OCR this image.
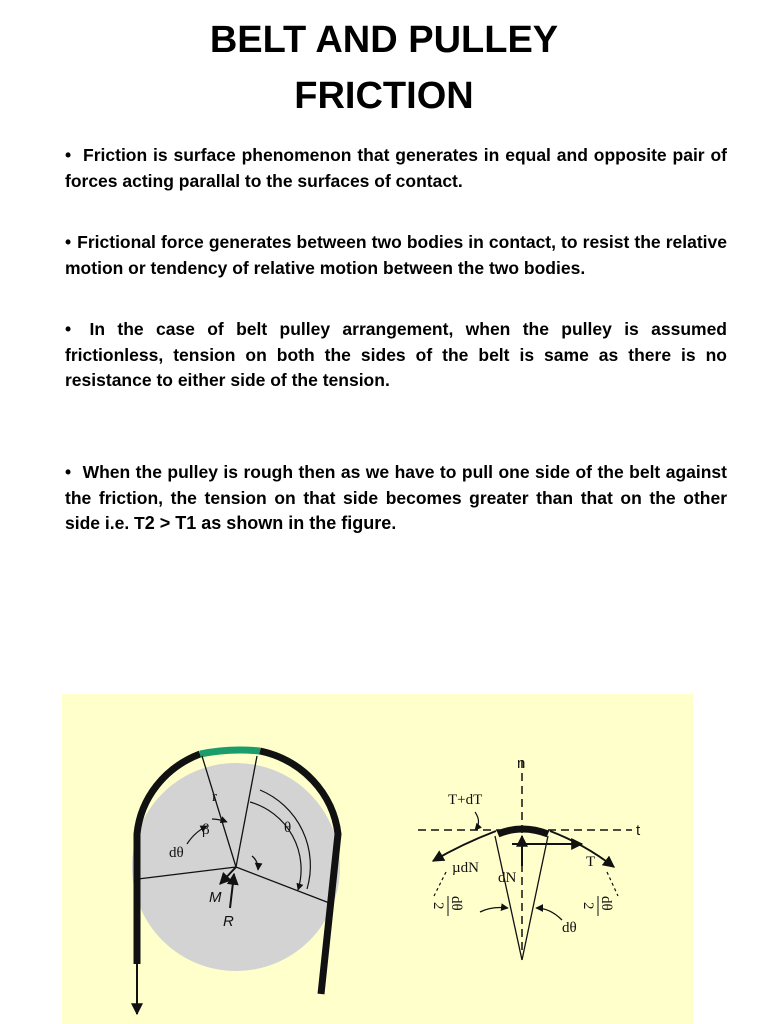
BELT AND PULLEY
FRICTION
• Friction is surface phenomenon that generates in equal and opposite pair of forces acting parallal to the surfaces of contact.
• Frictional force generates between two bodies in contact, to resist the relative motion or tendency of relative motion between the two bodies.
• In the case of belt pulley arrangement, when the pulley is assumed frictionless, tension on both the sides of the belt is same as there is no resistance to either side of the tension.
• When the pulley is rough then as we have to pull one side of the belt against the friction, the tension on that side becomes greater than that on the other side i.e. T2 > T1 as shown in the figure.
r
β	θ
dθ
M
R
n
t
T+dT
T
µdN
dN
dθ
dθ
2	dθ
2
